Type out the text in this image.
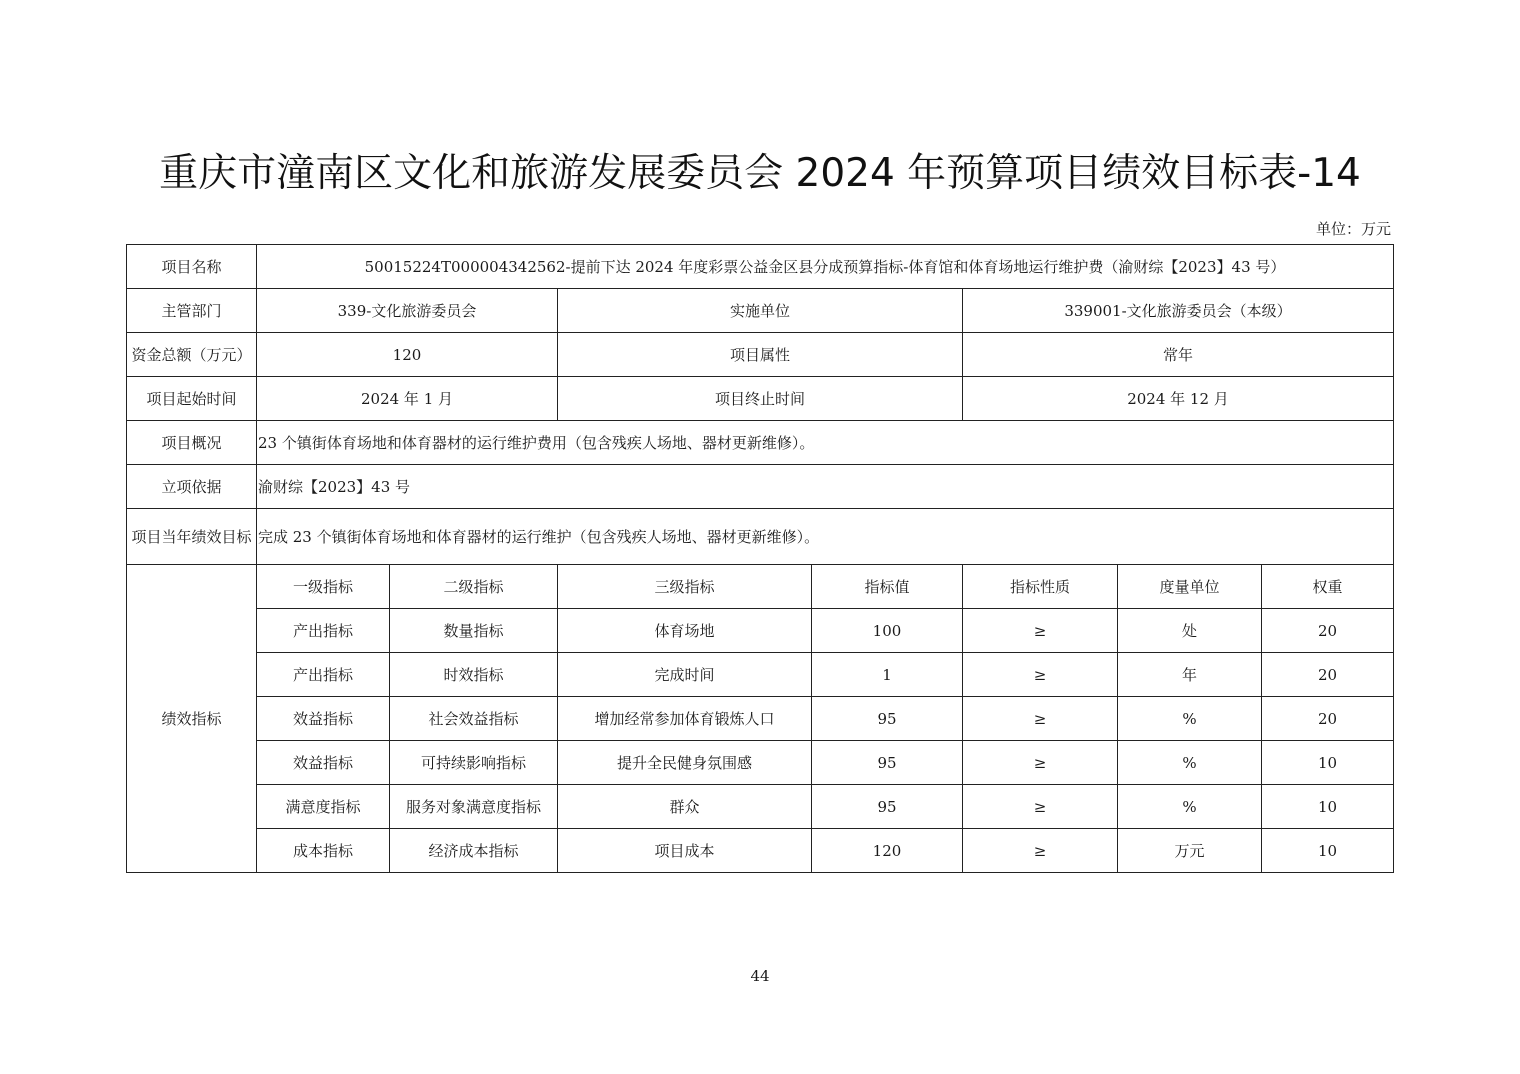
重庆市潼南区文化和旅游发展委员会 2024 年预算项目绩效目标表-14
单位：万元
项目名称	50015224T000004342562-提前下达 2024 年度彩票公益金区县分成预算指标-体育馆和体育场地运行维护费（渝财综【2023】43 号）						
主管部门	339-文化旅游委员会		实施单位		339001-文化旅游委员会（本级）		
资金总额（万元）	120		项目属性		常年		
项目起始时间	2024 年 1 月		项目终止时间		2024 年 12 月		
项目概况	23 个镇街体育场地和体育器材的运行维护费用（包含残疾人场地、器材更新维修）。						
立项依据	渝财综【2023】43 号						
项目当年绩效目标	完成 23 个镇街体育场地和体育器材的运行维护（包含残疾人场地、器材更新维修）。						
绩效指标	一级指标	二级指标	三级指标	指标值	指标性质	度量单位	权重
	产出指标	数量指标	体育场地	100	≥	处	20
	产出指标	时效指标	完成时间	1	≥	年	20
	效益指标	社会效益指标	增加经常参加体育锻炼人口	95	≥	%	20
	效益指标	可持续影响指标	提升全民健身氛围感	95	≥	%	10
	满意度指标	服务对象满意度指标	群众	95	≥	%	10
	成本指标	经济成本指标	项目成本	120	≥	万元	10
44
